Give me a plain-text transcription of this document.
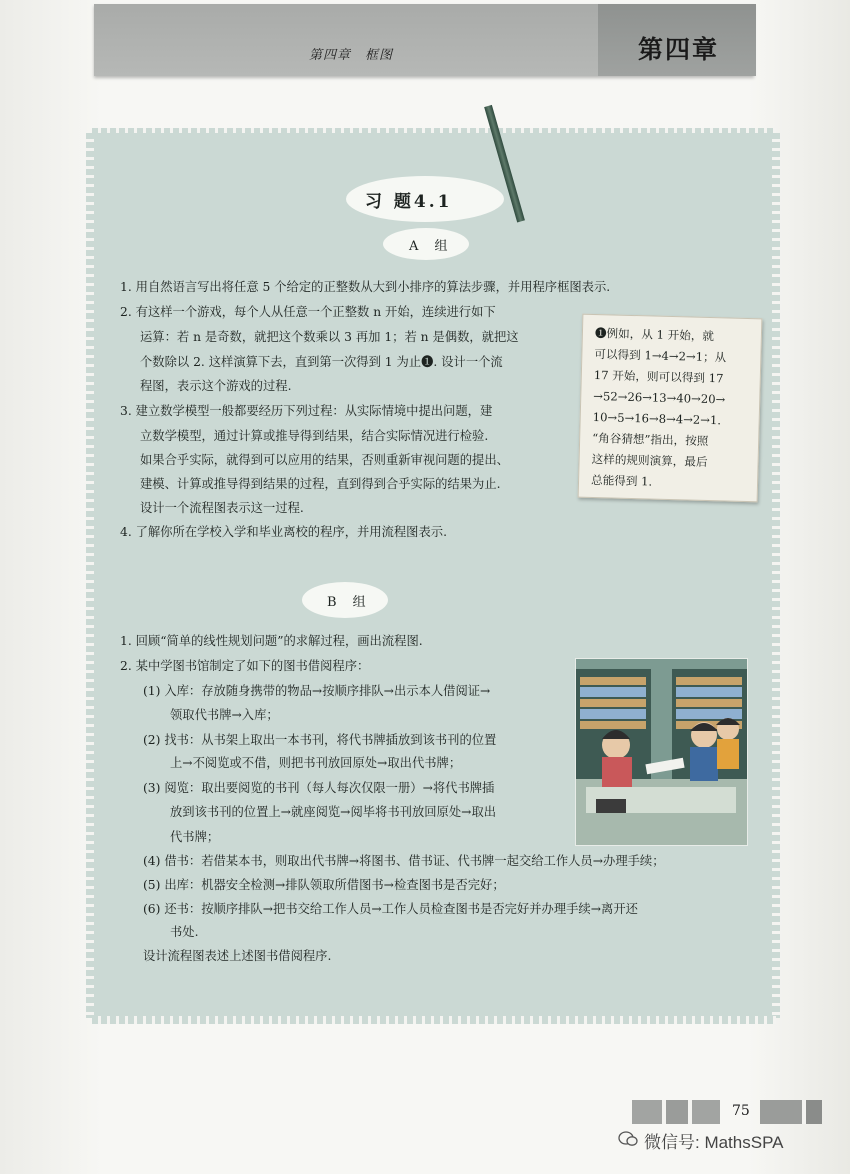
第四章　框图	第四章
习 题4.1
A 组
1. 用自然语言写出将任意 5 个给定的正整数从大到小排序的算法步骤，并用程序框图表示.
2. 有这样一个游戏，每个人从任意一个正整数 n 开始，连续进行如下
运算：若 n 是奇数，就把这个数乘以 3 再加 1；若 n 是偶数，就把这
个数除以 2. 这样演算下去，直到第一次得到 1 为止❶. 设计一个流
程图，表示这个游戏的过程.
3. 建立数学模型一般都要经历下列过程：从实际情境中提出问题，建
立数学模型，通过计算或推导得到结果，结合实际情况进行检验.
如果合乎实际，就得到可以应用的结果，否则重新审视问题的提出、
建模、计算或推导得到结果的过程，直到得到合乎实际的结果为止.
设计一个流程图表示这一过程.
4. 了解你所在学校入学和毕业离校的程序，并用流程图表示.
❶例如，从 1 开始，就
可以得到 1→4→2→1；从
17 开始，则可以得到 17
→52→26→13→40→20→
10→5→16→8→4→2→1.
“角谷猜想”指出，按照
这样的规则演算，最后
总能得到 1.
B 组
1. 回顾“简单的线性规划问题”的求解过程，画出流程图.
2. 某中学图书馆制定了如下的图书借阅程序：
(1) 入库：存放随身携带的物品→按顺序排队→出示本人借阅证→
领取代书牌→入库；
(2) 找书：从书架上取出一本书刊，将代书牌插放到该书刊的位置
上→不阅览或不借，则把书刊放回原处→取出代书牌；
(3) 阅览：取出要阅览的书刊（每人每次仅限一册）→将代书牌插
放到该书刊的位置上→就座阅览→阅毕将书刊放回原处→取出
代书牌；
(4) 借书：若借某本书，则取出代书牌→将图书、借书证、代书牌一起交给工作人员→办理手续；
(5) 出库：机器安全检测→排队领取所借图书→检查图书是否完好；
(6) 还书：按顺序排队→把书交给工作人员→工作人员检查图书是否完好并办理手续→离开还
书处.
设计流程图表述上述图书借阅程序.
75
微信号: MathsSPA
